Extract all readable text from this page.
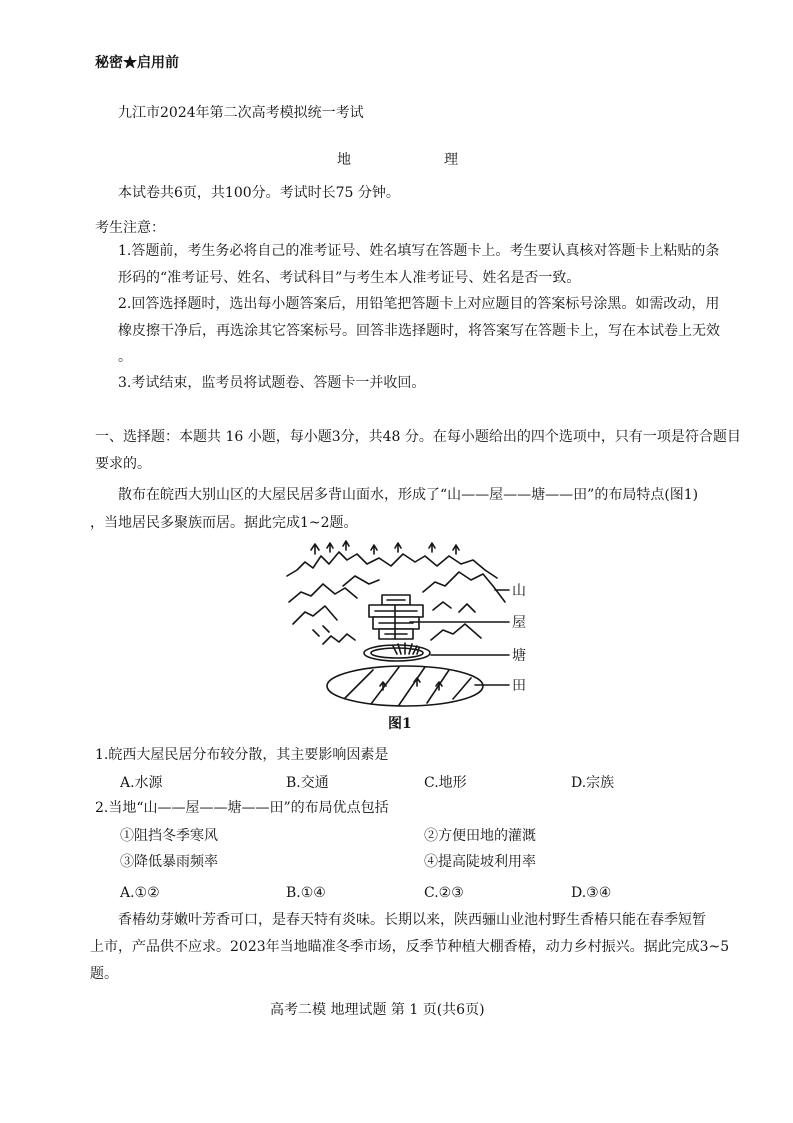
秘密★启用前
九江市2024年第二次高考模拟统一考试
地	理
本试卷共6页，共100分。考试时长75 分钟。
考生注意：
1.答题前，考生务必将自己的准考证号、姓名填写在答题卡上。考生要认真核对答题卡上粘贴的条
形码的“准考证号、姓名、考试科目”与考生本人准考证号、姓名是否一致。
2.回答选择题时，选出每小题答案后，用铅笔把答题卡上对应题目的答案标号涂黑。如需改动，用
橡皮擦干净后，再选涂其它答案标号。回答非选择题时，将答案写在答题卡上，写在本试卷上无效
。
3.考试结束，监考员将试题卷、答题卡一并收回。
一、选择题：本题共 16 小题，每小题3分，共48 分。在每小题给出的四个选项中，只有一项是符合题目
要求的。
散布在皖西大别山区的大屋民居多背山面水，形成了“山——屋——塘——田”的布局特点(图1)
，当地居民多聚族而居。据此完成1~2题。
山
屋
塘
田
图1
1.皖西大屋民居分布较分散，其主要影响因素是
A.水源	B.交通	C.地形	D.宗族
2.当地“山——屋——塘——田”的布局优点包括
①阻挡冬季寒风	②方便田地的灌溉
③降低暴雨频率	④提高陡坡利用率
A.①②	B.①④	C.②③	D.③④
香椿幼芽嫩叶芳香可口，是春天特有炎味。长期以来，陕西骊山业池村野生香椿只能在春季短暂
上市，产品供不应求。2023年当地瞄准冬季市场，反季节种植大棚香椿，动力乡村振兴。据此完成3~5
题。
高考二模 地理试题 第 1 页(共6页)
